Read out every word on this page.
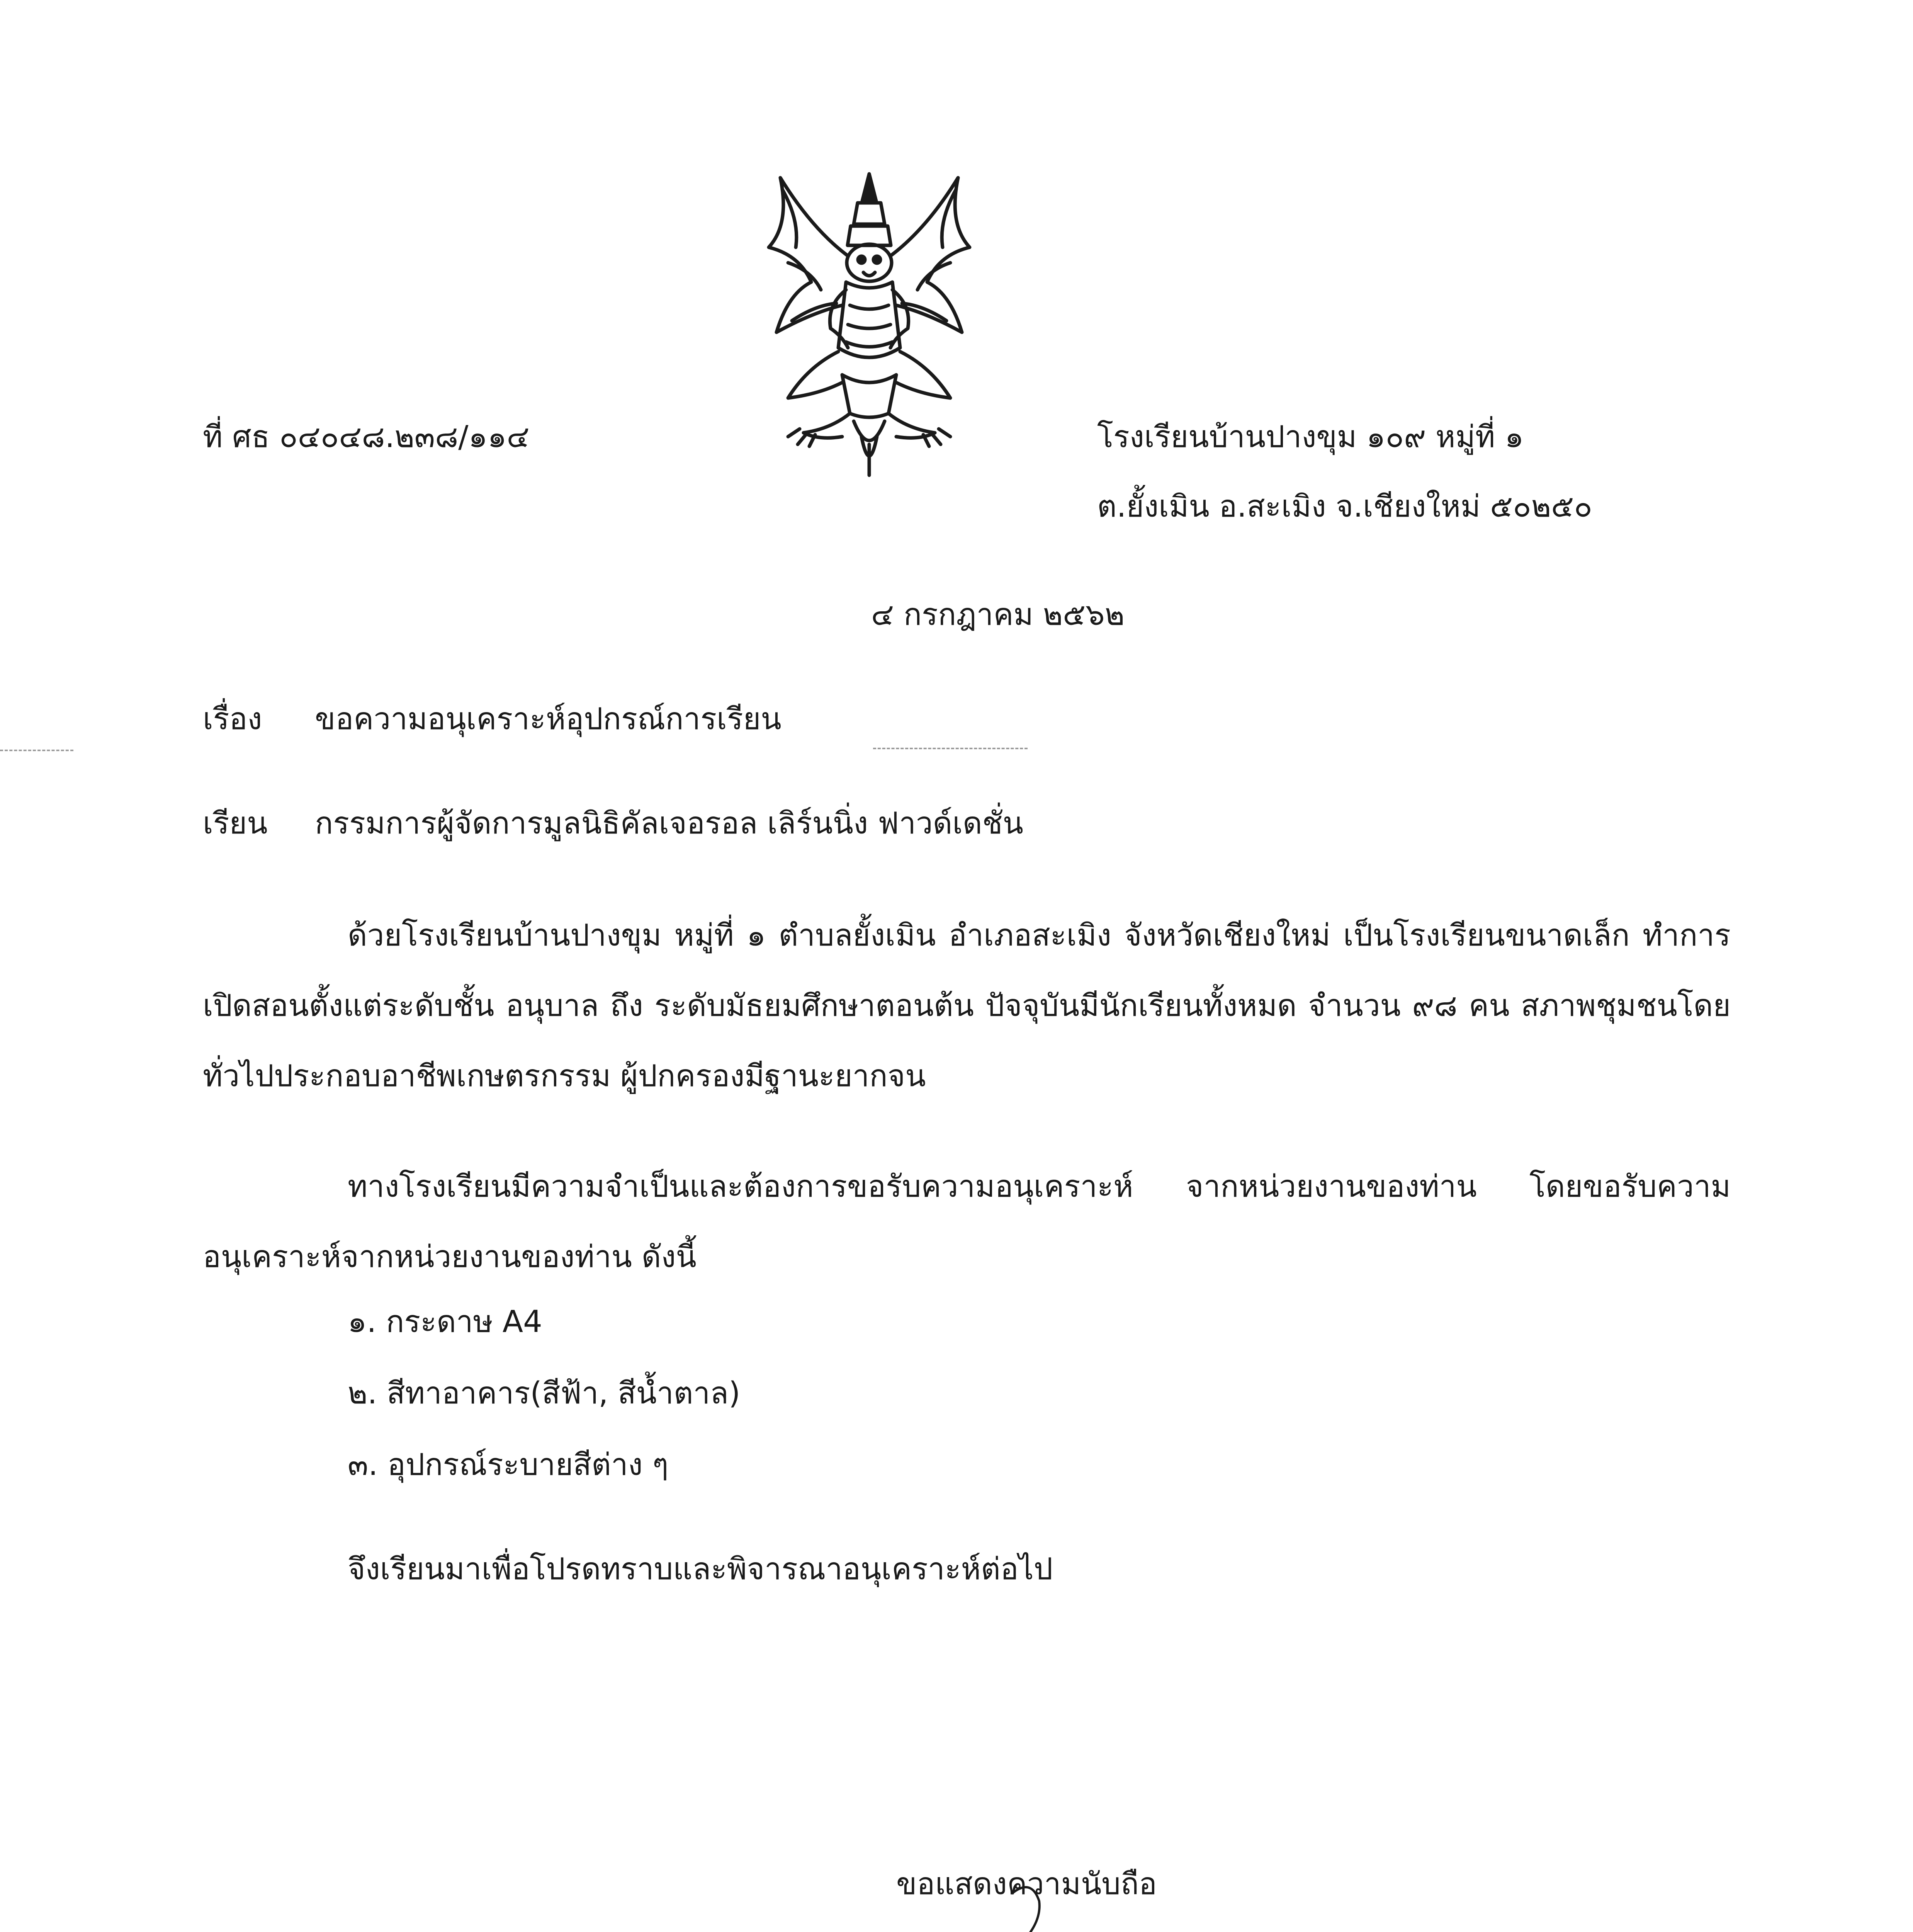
ที่ ศธ ๐๔๐๔๘.๒๓๘/๑๑๔	โรงเรียนบ้านปางขุม ๑๐๙ หมู่ที่ ๑
ต.ยั้งเมิน อ.สะเมิง จ.เชียงใหม่ ๕๐๒๕๐
๔ กรกฎาคม ๒๕๖๒
เรื่อง ขอความอนุเคราะห์อุปกรณ์การเรียน
เรียน กรรมการผู้จัดการมูลนิธิคัลเจอรอล เลิร์นนิ่ง ฟาวด์เดชั่น
ด้วยโรงเรียนบ้านปางขุม หมู่ที่ ๑ ตำบลยั้งเมิน อำเภอสะเมิง จังหวัดเชียงใหม่ เป็นโรงเรียนขนาดเล็ก ทำการเปิดสอนตั้งแต่ระดับชั้น อนุบาล ถึง ระดับมัธยมศึกษาตอนต้น ปัจจุบันมีนักเรียนทั้งหมด จำนวน ๙๘ คน สภาพชุมชนโดยทั่วไปประกอบอาชีพเกษตรกรรม ผู้ปกครองมีฐานะยากจน
ทางโรงเรียนมีความจำเป็นและต้องการขอรับความอนุเคราะห์ จากหน่วยงานของท่าน โดยขอรับความอนุเคราะห์จากหน่วยงานของท่าน ดังนี้
๑. กระดาษ A4
๒. สีทาอาคาร(สีฟ้า, สีน้ำตาล)
๓. อุปกรณ์ระบายสีต่าง ๆ
จึงเรียนมาเพื่อโปรดทราบและพิจารณาอนุเคราะห์ต่อไป
ขอแสดงความนับถือ
